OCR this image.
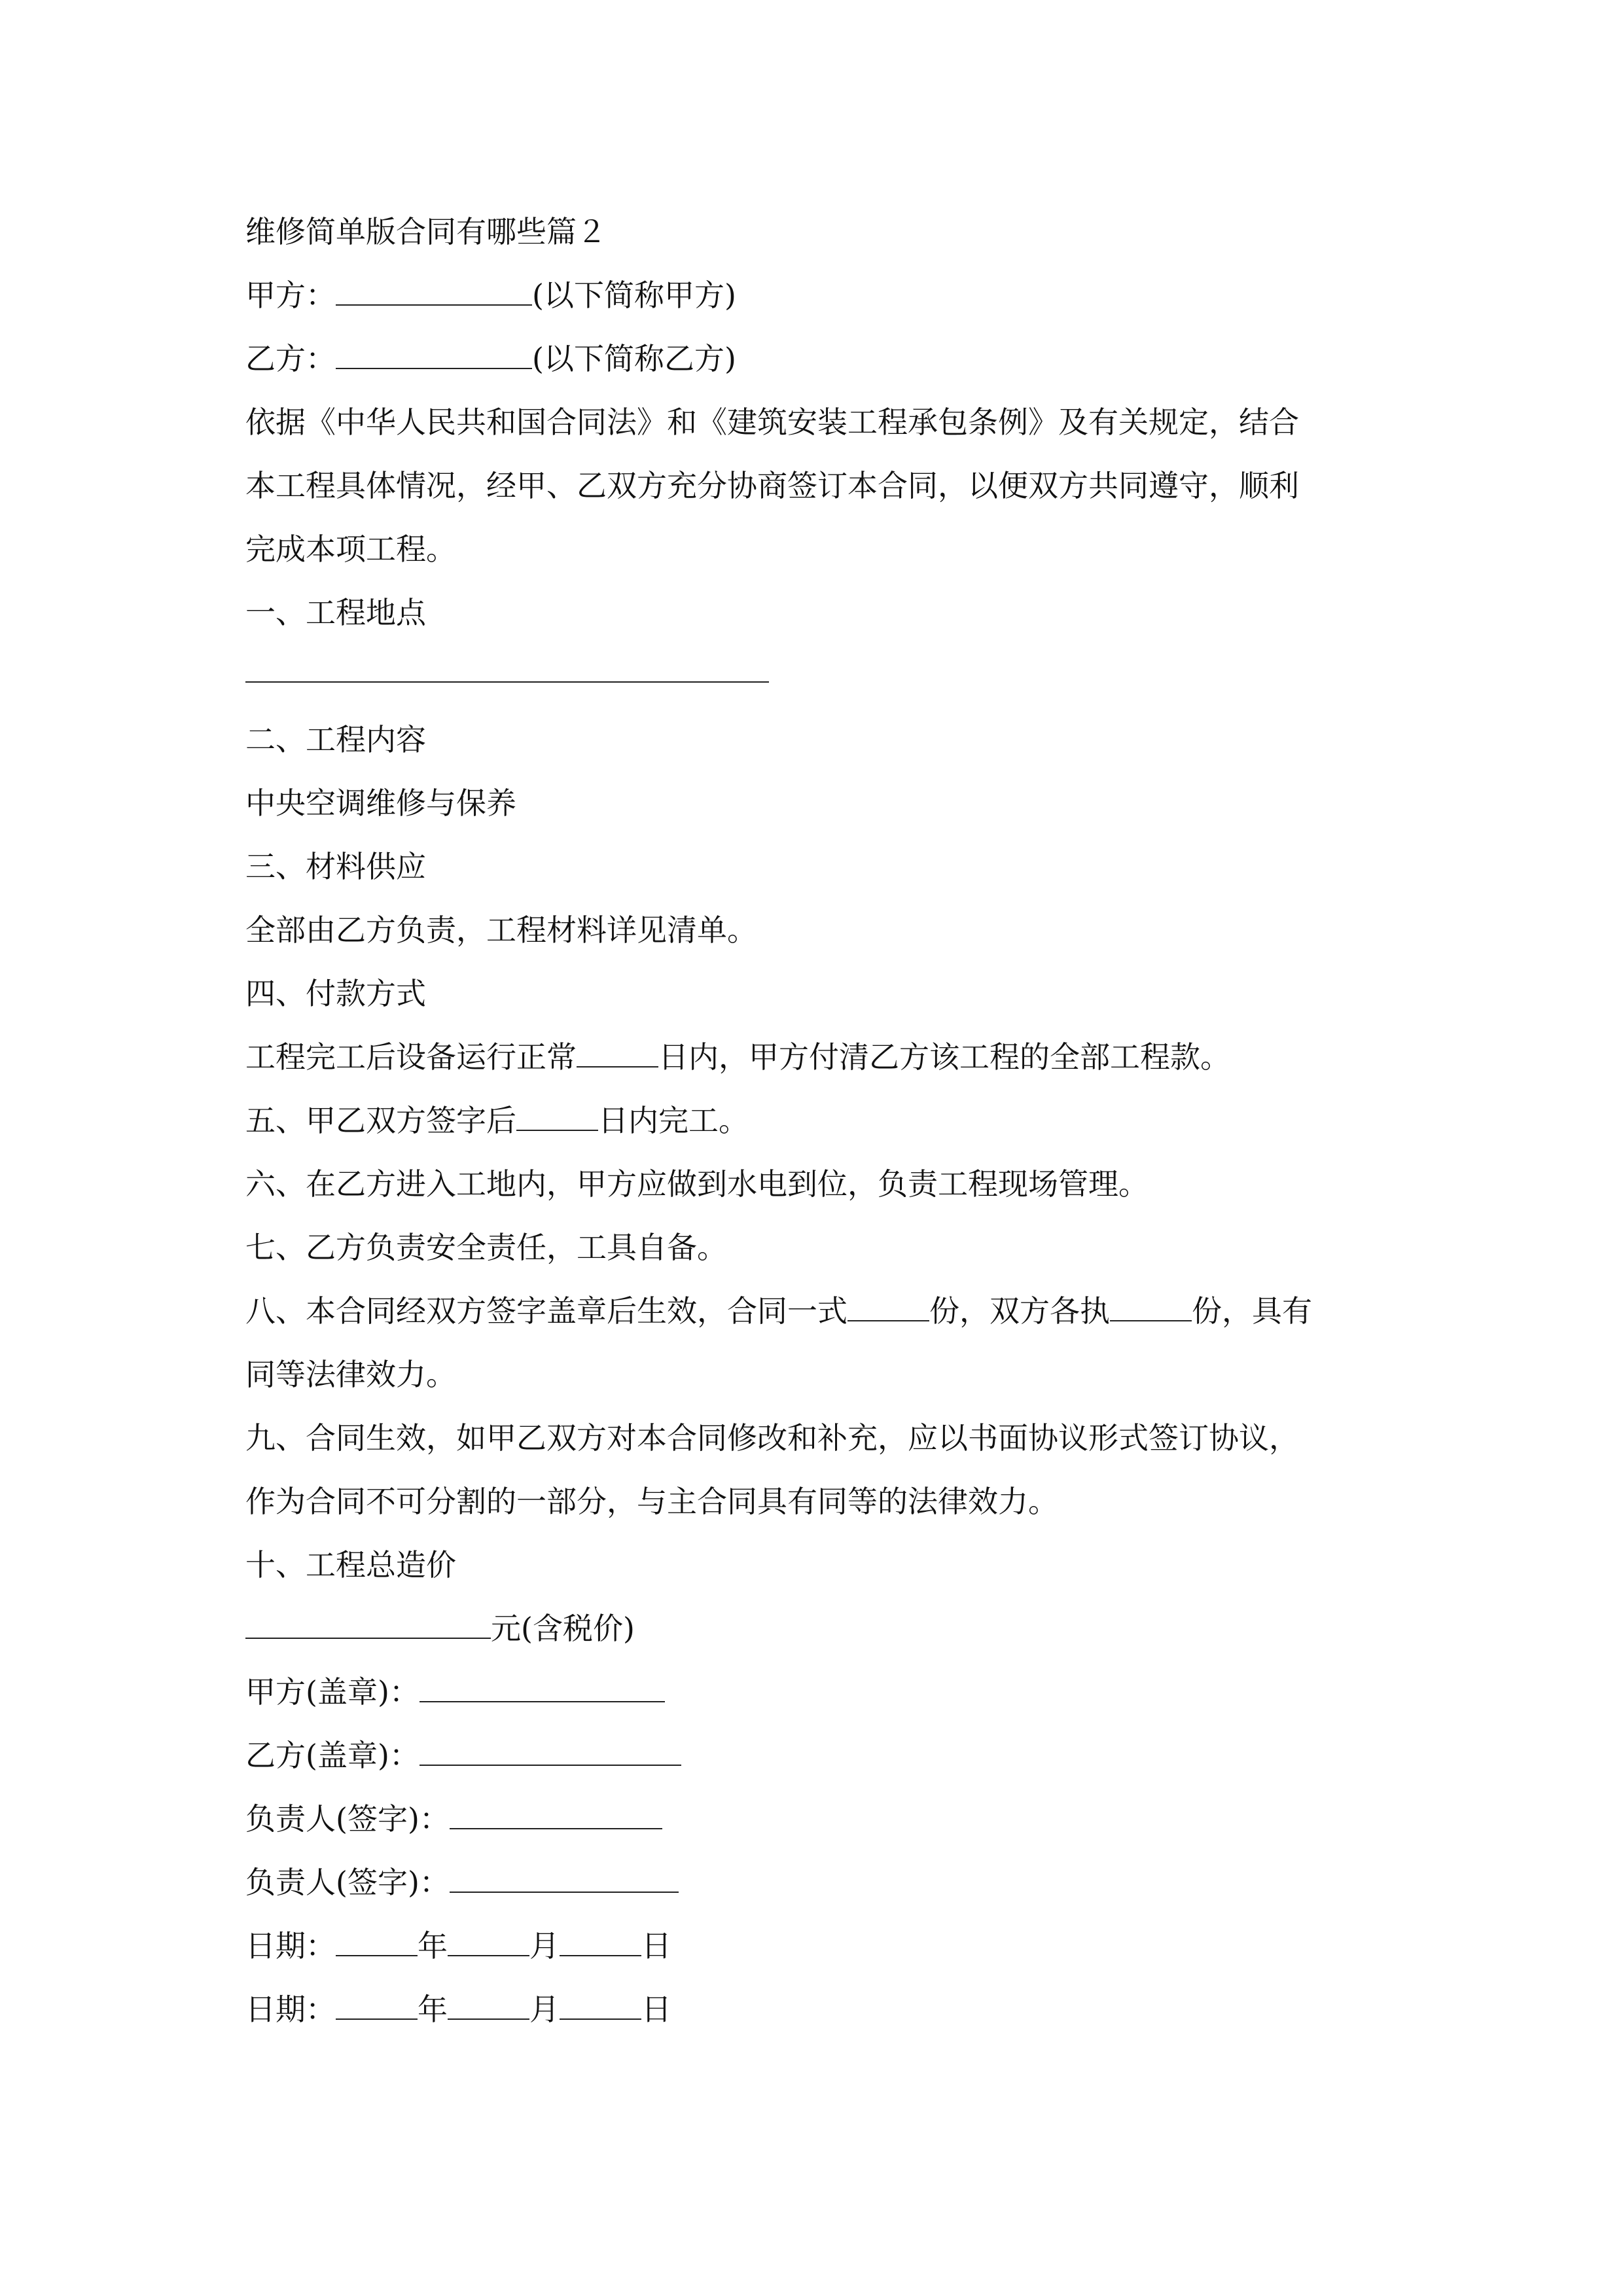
维修简单版合同有哪些篇２
甲方：	(以下简称甲方)
乙方：	(以下简称乙方)
依据《中华人民共和国合同法》和《建筑安装工程承包条例》及有关规定，结合
本工程具体情况，经甲、乙双方充分协商签订本合同，以便双方共同遵守，顺利
完成本项工程。
一、工程地点
二、工程内容
中央空调维修与保养
三、材料供应
全部由乙方负责，工程材料详见清单。
四、付款方式
工程完工后设备运行正常	日内，甲方付清乙方该工程的全部工程款。
五、甲乙双方签字后	日内完工。
六、在乙方进入工地内，甲方应做到水电到位，负责工程现场管理。
七、乙方负责安全责任，工具自备。
八、本合同经双方签字盖章后生效，合同一式	份，双方各执	份，具有
同等法律效力。
九、合同生效，如甲乙双方对本合同修改和补充，应以书面协议形式签订协议，
作为合同不可分割的一部分，与主合同具有同等的法律效力。
十、工程总造价
元(含税价)
甲方(盖章)：
乙方(盖章)：
负责人(签字)：
负责人(签字)：
日期：	年	月	日
日期：	年	月	日
